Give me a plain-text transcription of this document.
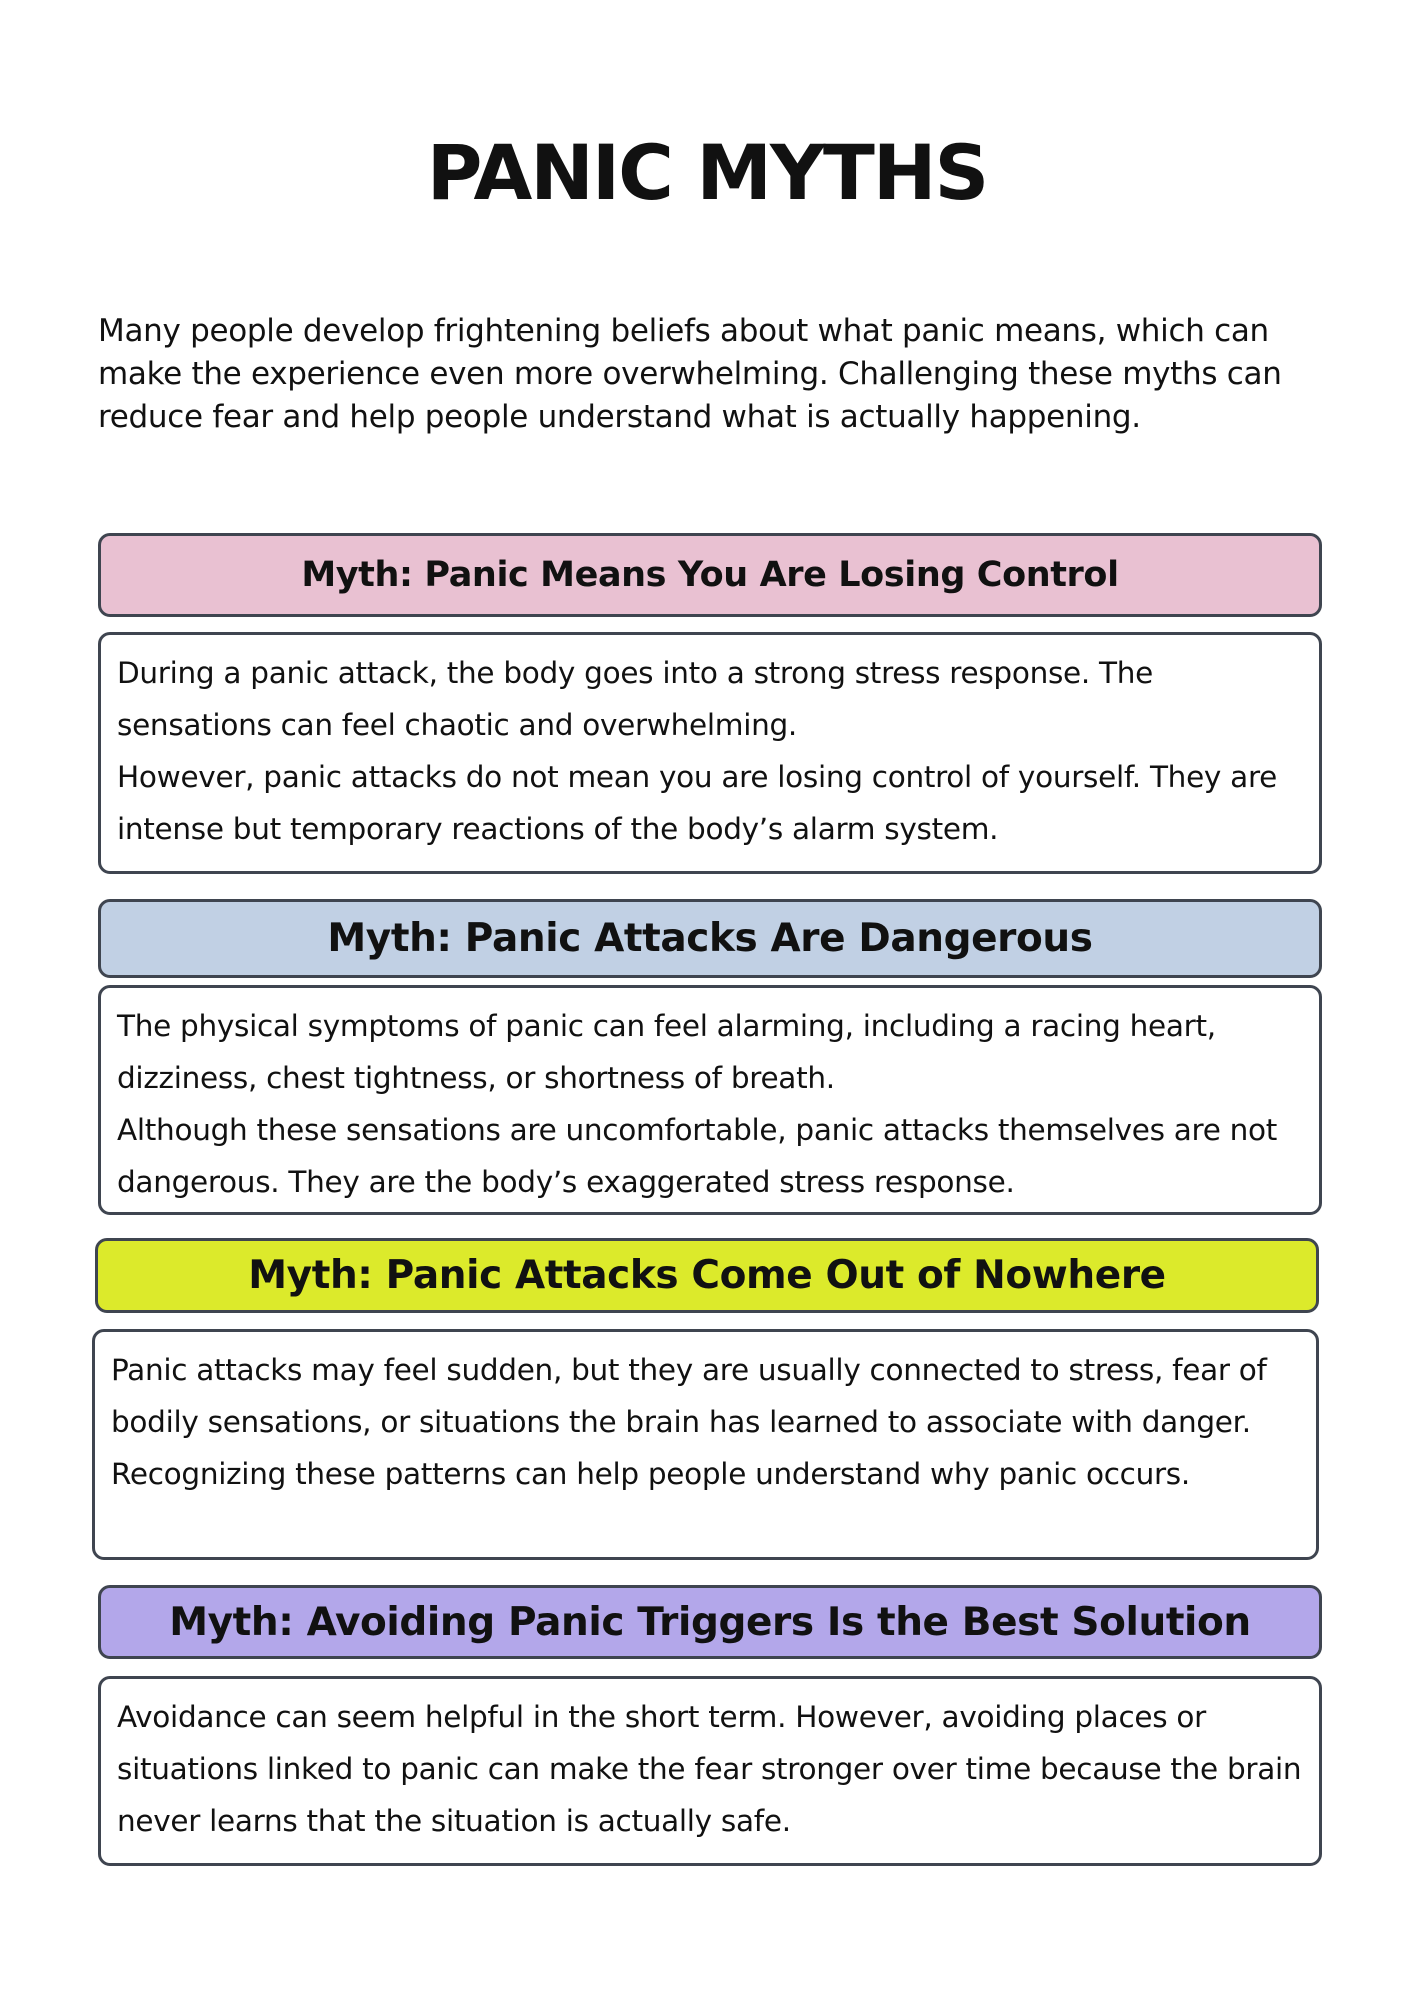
PANIC MYTHS
Many people develop frightening beliefs about what panic means, which can make the experience even more overwhelming. Challenging these myths can reduce fear and help people understand what is actually happening.
Myth: Panic Means You Are Losing Control

During a panic attack, the body goes into a strong stress response. The sensations can feel chaotic and overwhelming.

However, panic attacks do not mean you are losing control of yourself. They are intense but temporary reactions of the body’s alarm system.

Myth: Panic Attacks Are Dangerous

The physical symptoms of panic can feel alarming, including a racing heart, dizziness, chest tightness, or shortness of breath.

Although these sensations are uncomfortable, panic attacks themselves are not dangerous. They are the body’s exaggerated stress response.

Myth: Panic Attacks Come Out of Nowhere

Panic attacks may feel sudden, but they are usually connected to stress, fear of bodily sensations, or situations the brain has learned to associate with danger.

Recognizing these patterns can help people understand why panic occurs.

Myth: Avoiding Panic Triggers Is the Best Solution

Avoidance can seem helpful in the short term. However, avoiding places or situations linked to panic can make the fear stronger over time because the brain never learns that the situation is actually safe.
